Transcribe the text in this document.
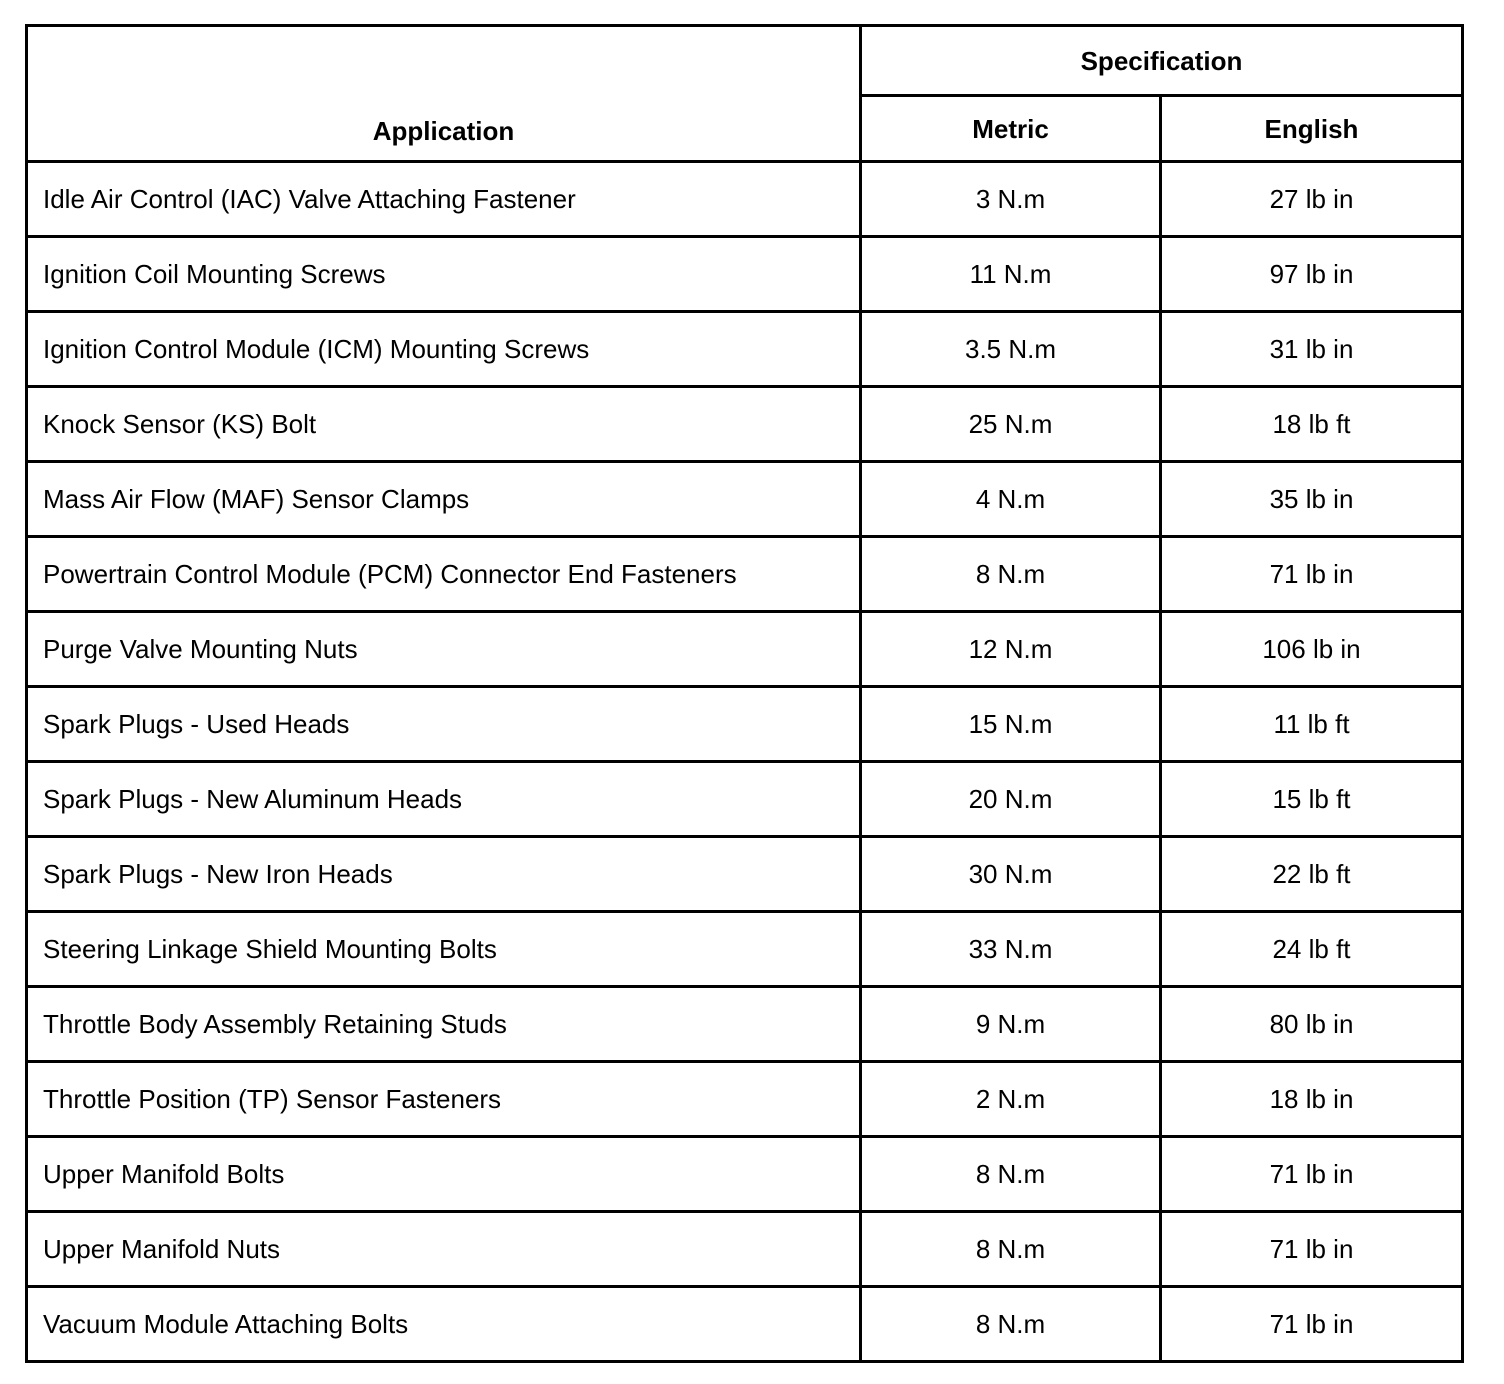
Application	Specification	
	Metric	English
Idle Air Control (IAC) Valve Attaching Fastener	3 N.m	27 lb in
Ignition Coil Mounting Screws	11 N.m	97 lb in
Ignition Control Module (ICM) Mounting Screws	3.5 N.m	31 lb in
Knock Sensor (KS) Bolt	25 N.m	18 lb ft
Mass Air Flow (MAF) Sensor Clamps	4 N.m	35 lb in
Powertrain Control Module (PCM) Connector End Fasteners	8 N.m	71 lb in
Purge Valve Mounting Nuts	12 N.m	106 lb in
Spark Plugs - Used Heads	15 N.m	11 lb ft
Spark Plugs - New Aluminum Heads	20 N.m	15 lb ft
Spark Plugs - New Iron Heads	30 N.m	22 lb ft
Steering Linkage Shield Mounting Bolts	33 N.m	24 lb ft
Throttle Body Assembly Retaining Studs	9 N.m	80 lb in
Throttle Position (TP) Sensor Fasteners	2 N.m	18 lb in
Upper Manifold Bolts	8 N.m	71 lb in
Upper Manifold Nuts	8 N.m	71 lb in
Vacuum Module Attaching Bolts	8 N.m	71 lb in
